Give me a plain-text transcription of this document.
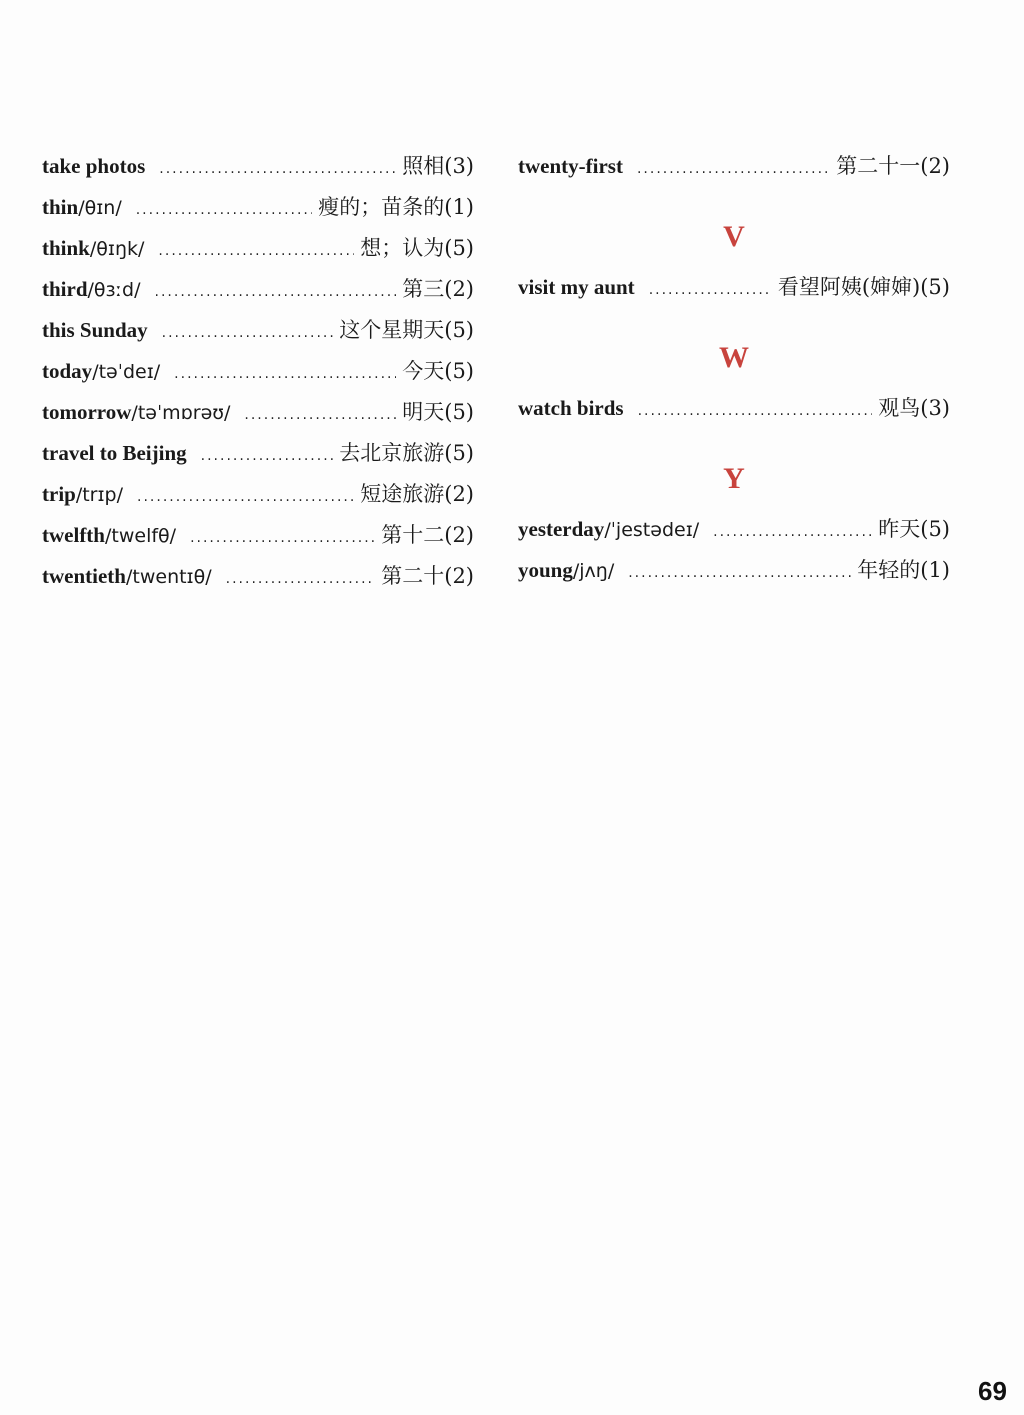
take photos .....	照相(3)
thin /θɪn/ .....	瘦的；苗条的(1)
think /θɪŋk/ .....	想；认为(5)
third /θɜːd/ .....	第三(2)
this Sunday .....	这个星期天(5)
today /təˈdeɪ/ .....	今天(5)
tomorrow /təˈmɒrəʊ/ .....	明天(5)
travel to Beijing .....	去北京旅游(5)
trip /trɪp/ .....	短途旅游(2)
twelfth /twelfθ/ .....	第十二(2)
twentieth /twentɪθ/ .....	第二十(2)
twenty-first .....	第二十一(2)
V
visit my aunt .....	看望阿姨(婶婶)(5)
W
watch birds .....	观鸟(3)
Y
yesterday /ˈjestədeɪ/ .....	昨天(5)
young /jʌŋ/ .....	年轻的(1)
69
